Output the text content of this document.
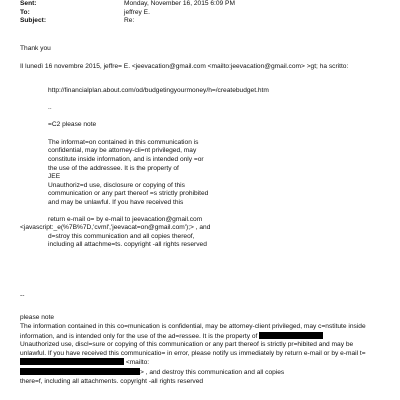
Sent:	Monday, November 16, 2015 6:09 PM
To:	jeffrey E.
Subject:	Re:
Thank you
Il lunedì 16 novembre 2015, jeffre= E. <jeevacation@gmail.com <mailto:jeevacation@gmail.com> >gt; ha scritto:
http://financialplan.about.com/od/budgetingyourmoney/h=/createbudget.htm
..
=C2 please note
The informat=on contained in this communication is
confidential, may be attorney-cli=nt privileged, may
constitute inside information, and is intended only =or
the use of the addressee. It is the property of
JEE
Unauthoriz=d use, disclosure or copying of this
communication or any part thereof =s strictly prohibited
and may be unlawful. If you have received this
return e-mail o= by e-mail to jeevacation@gmail.com
<javascript:_e(%7B%7D,'cvml','jeevacat=on@gmail.com');> , and
d=stroy this communication and all copies thereof,
including all attachme=ts. copyright -all rights reserved
--
please note
The information contained in this co=munication is confidential, may be attorney-client privileged, may c=nstitute inside
information, and is intended only for the use of the ad=ressee. It is the property of
Unauthorized use, discl=sure or copying of this communication or any part thereof is strictly pr=hibited and may be
unlawful. If you have received this communicatio= in error, please notify us immediately by return e-mail or by e-mail t=
<mailto:
> , and destroy this communication and all copies
there=f, including all attachments. copyright -all rights reserved
